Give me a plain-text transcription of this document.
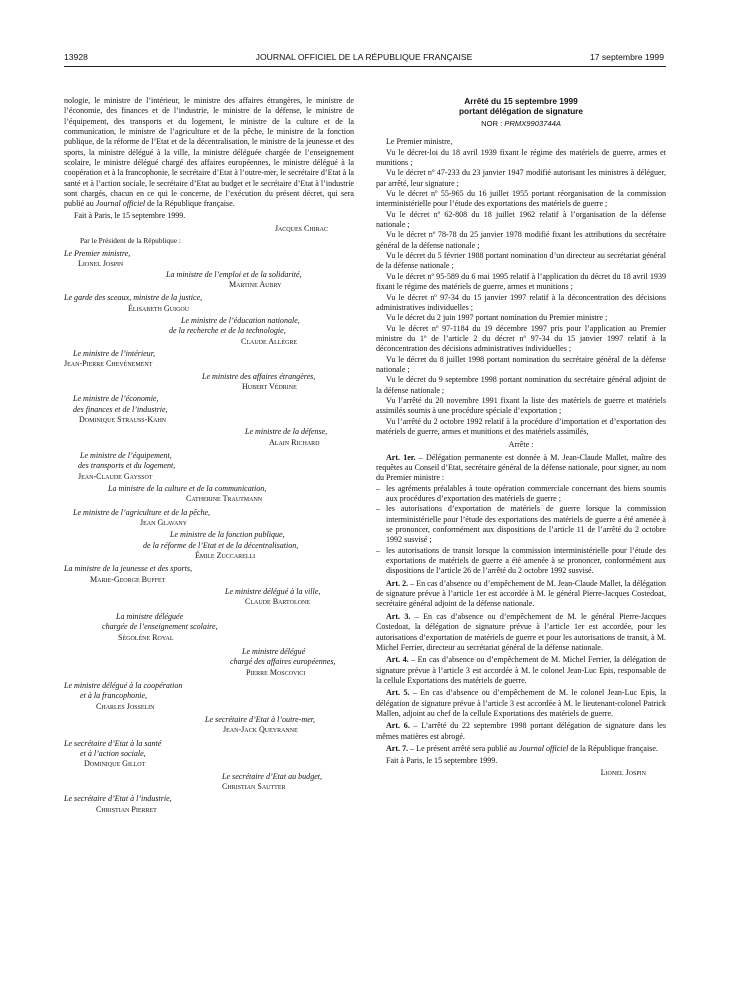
13928	JOURNAL OFFICIEL DE LA RÉPUBLIQUE FRANÇAISE	17 septembre 1999

nologie, le ministre de l’intérieur, le ministre des affaires étrangères, le ministre de l’économie, des finances et de l’industrie, le ministre de la défense, le ministre de l’équipement, des transports et du logement, le ministre de la culture et de la communication, le ministre de l’agriculture et de la pêche, le ministre de la fonction publique, de la réforme de l’Etat et de la décentralisation, le ministre de la jeunesse et des sports, la ministre délégué à la ville, la ministre déléguée chargée de l’enseignement scolaire, le ministre délégué chargé des affaires européennes, le ministre délégué à la coopération et à la francophonie, le secrétaire d’Etat à l’outre-mer, le secrétaire d’Etat à la santé et à l’action sociale, le secrétaire d’Etat au budget et le secrétaire d’Etat à l’industrie sont chargés, chacun en ce qui le concerne, de l’exécution du présent décret, qui sera publié au Journal officiel de la République française.

Fait à Paris, le 15 septembre 1999.

Jacques Chirac

Par le Président de la République :

Le Premier ministre,
Lionel Jospin
La ministre de l’emploi et de la solidarité,
Martine Aubry
Le garde des sceaux, ministre de la justice,
Élisabeth Guigou
Le ministre de l’éducation nationale,
de la recherche et de la technologie,
Claude Allègre
Le ministre de l’intérieur,
Jean-Pierre Chevènement
Le ministre des affaires étrangères,
Hubert Védrine
Le ministre de l’économie,
des finances et de l’industrie,
Dominique Strauss-Kahn
Le ministre de la défense,
Alain Richard
Le ministre de l’équipement,
des transports et du logement,
Jean-Claude Gayssot
La ministre de la culture et de la communication,
Catherine Trautmann
Le ministre de l’agriculture et de la pêche,
Jean Glavany
Le ministre de la fonction publique,
de la réforme de l’Etat et de la décentralisation,
Émile Zuccarelli
La ministre de la jeunesse et des sports,
Marie-George Buffet
Le ministre délégué à la ville,
Claude Bartolone
La ministre déléguée
chargée de l’enseignement scolaire,
Ségolène Royal
Le ministre délégué
chargé des affaires européennes,
Pierre Moscovici
Le ministre délégué à la coopération
et à la francophonie,
Charles Josselin
Le secrétaire d’Etat à l’outre-mer,
Jean-Jack Queyranne
Le secrétaire d’Etat à la santé
et à l’action sociale,
Dominique Gillot
Le secrétaire d’Etat au budget,
Christian Sautter
Le secrétaire d’Etat à l’industrie,
Christian Pierret
Arrêté du 15 septembre 1999
portant délégation de signature
NOR : PRMX9903744A

Le Premier ministre,

Vu le décret-loi du 18 avril 1939 fixant le régime des matériels de guerre, armes et munitions ;

Vu le décret nº 47-233 du 23 janvier 1947 modifié autorisant les ministres à déléguer, par arrêté, leur signature ;

Vu le décret nº 55-965 du 16 juillet 1955 portant réorganisation de la commission interministérielle pour l’étude des exportations des matériels de guerre ;

Vu le décret nº 62-808 du 18 juillet 1962 relatif à l’organisation de la défense nationale ;

Vu le décret nº 78-78 du 25 janvier 1978 modifié fixant les attributions du secrétaire général de la défense nationale ;

Vu le décret du 5 février 1988 portant nomination d’un directeur au secrétariat général de la défense nationale ;

Vu le décret nº 95-589 du 6 mai 1995 relatif à l’application du décret du 18 avril 1939 fixant le régime des matériels de guerre, armes et munitions ;

Vu le décret nº 97-34 du 15 janvier 1997 relatif à la déconcentration des décisions administratives individuelles ;

Vu le décret du 2 juin 1997 portant nomination du Premier ministre ;

Vu le décret nº 97-1184 du 19 décembre 1997 pris pour l’application au Premier ministre du 1º de l’article 2 du décret nº 97-34 du 15 janvier 1997 relatif à la déconcentration des décisions administratives individuelles ;

Vu le décret du 8 juillet 1998 portant nomination du secrétaire général de la défense nationale ;

Vu le décret du 9 septembre 1998 portant nomination du secrétaire général adjoint de la défense nationale ;

Vu l’arrêté du 20 novembre 1991 fixant la liste des matériels de guerre et matériels assimilés soumis à une procédure spéciale d’exportation ;

Vu l’arrêté du 2 octobre 1992 relatif à la procédure d’importation et d’exportation des matériels de guerre, armes et munitions et des matériels assimilés,

Arrête :

Art. 1er. – Délégation permanente est donnée à M. Jean-Claude Mallet, maître des requêtes au Conseil d’Etat, secrétaire général de la défense nationale, pour signer, au nom du Premier ministre :

– les agréments préalables à toute opération commerciale concernant des biens soumis aux procédures d’exportation des matériels de guerre ;
– les autorisations d’exportation de matériels de guerre lorsque la commission interministérielle pour l’étude des exportations des matériels de guerre a été amenée à se prononcer, conformément aux dispositions de l’article 11 de l’arrêté du 2 octobre 1992 susvisé ;
– les autorisations de transit lorsque la commission interministérielle pour l’étude des exportations de matériels de guerre a été amenée à se prononcer, conformément aux dispositions de l’article 26 de l’arrêté du 2 octobre 1992 susvisé.

Art. 2. – En cas d’absence ou d’empêchement de M. Jean-Claude Mallet, la délégation de signature prévue à l’article 1er est accordée à M. le général Pierre-Jacques Costedoat, secrétaire général adjoint de la défense nationale.

Art. 3. – En cas d’absence ou d’empêchement de M. le général Pierre-Jacques Costedoat, la délégation de signature prévue à l’article 1er est accordée, pour les autorisations d’exportation de matériels de guerre et pour les autorisations de transit, à M. Michel Ferrier, directeur au secrétariat général de la défense nationale.

Art. 4. – En cas d’absence ou d’empêchement de M. Michel Ferrier, la délégation de signature prévue à l’article 3 est accordée à M. le colonel Jean-Luc Epis, responsable de la cellule Exportations des matériels de guerre.

Art. 5. – En cas d’absence ou d’empêchement de M. le colonel Jean-Luc Epis, la délégation de signature prévue à l’article 3 est accordée à M. le lieutenant-colonel Patrick Mallen, adjoint au chef de la cellule Exportations des matériels de guerre.

Art. 6. – L’arrêté du 22 septembre 1998 portant délégation de signature dans les mêmes matières est abrogé.

Art. 7. – Le présent arrêté sera publié au Journal officiel de la République française.

Fait à Paris, le 15 septembre 1999.

Lionel Jospin
